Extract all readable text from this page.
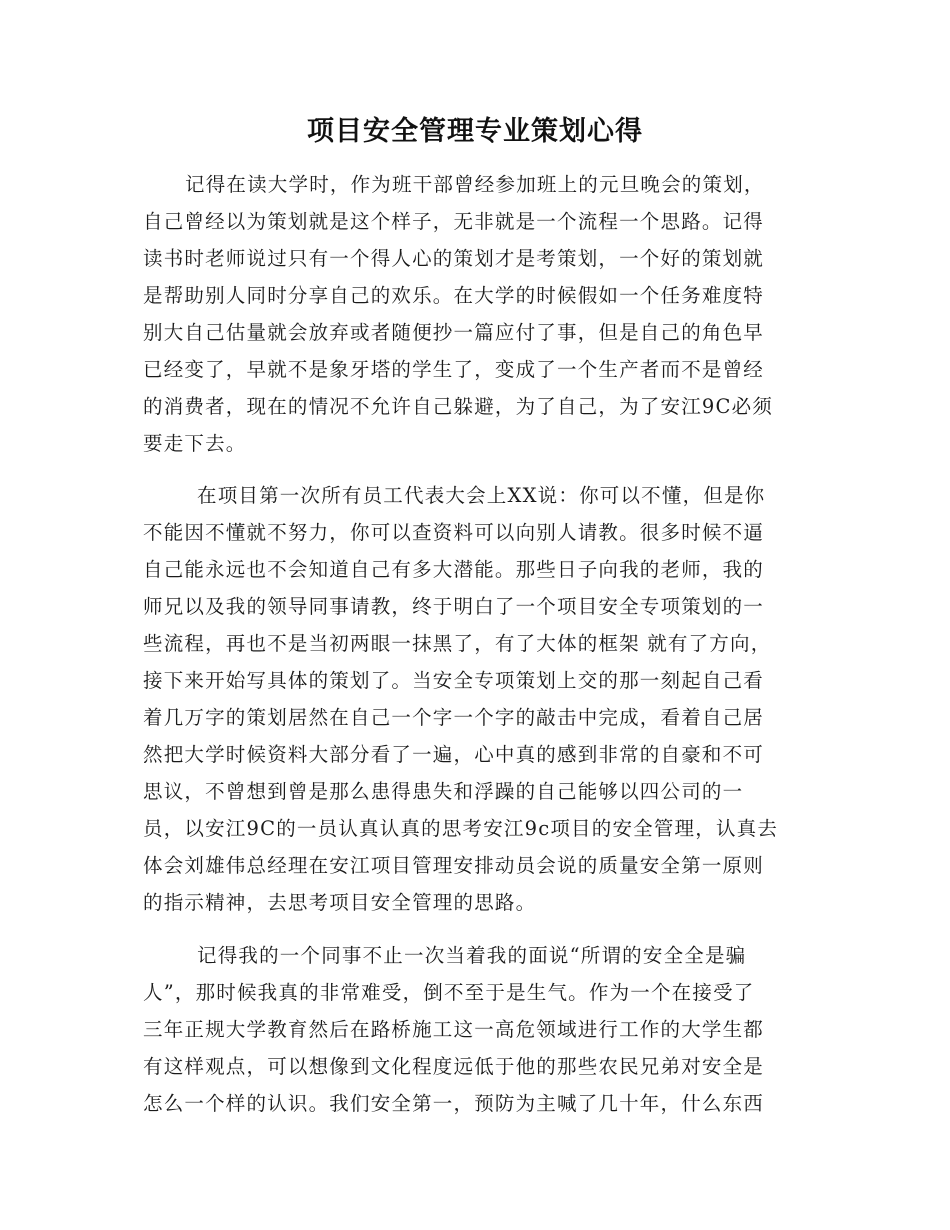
项目安全管理专业策划心得
记得在读大学时，作为班干部曾经参加班上的元旦晚会的策划，
自己曾经以为策划就是这个样子，无非就是一个流程一个思路。记得
读书时老师说过只有一个得人心的策划才是考策划，一个好的策划就
是帮助别人同时分享自己的欢乐。在大学的时候假如一个任务难度特
别大自己估量就会放弃或者随便抄一篇应付了事，但是自己的角色早
已经变了，早就不是象牙塔的学生了，变成了一个生产者而不是曾经
的消费者，现在的情况不允许自己躲避，为了自己，为了安江9C必须
要走下去。
在项目第一次所有员工代表大会上XX说：你可以不懂，但是你
不能因不懂就不努力，你可以查资料可以向别人请教。很多时候不逼
自己能永远也不会知道自己有多大潜能。那些日子向我的老师，我的
师兄以及我的领导同事请教，终于明白了一个项目安全专项策划的一
些流程，再也不是当初两眼一抹黑了，有了大体的框架 就有了方向，
接下来开始写具体的策划了。当安全专项策划上交的那一刻起自己看
着几万字的策划居然在自己一个字一个字的敲击中完成，看着自己居
然把大学时候资料大部分看了一遍，心中真的感到非常的自豪和不可
思议，不曾想到曾是那么患得患失和浮躁的自己能够以四公司的一
员，以安江9C的一员认真认真的思考安江9c项目的安全管理，认真去
体会刘雄伟总经理在安江项目管理安排动员会说的质量安全第一原则
的指示精神，去思考项目安全管理的思路。
记得我的一个同事不止一次当着我的面说“所谓的安全全是骗
人”，那时候我真的非常难受，倒不至于是生气。作为一个在接受了
三年正规大学教育然后在路桥施工这一高危领域进行工作的大学生都
有这样观点，可以想像到文化程度远低于他的那些农民兄弟对安全是
怎么一个样的认识。我们安全第一，预防为主喊了几十年，什么东西
